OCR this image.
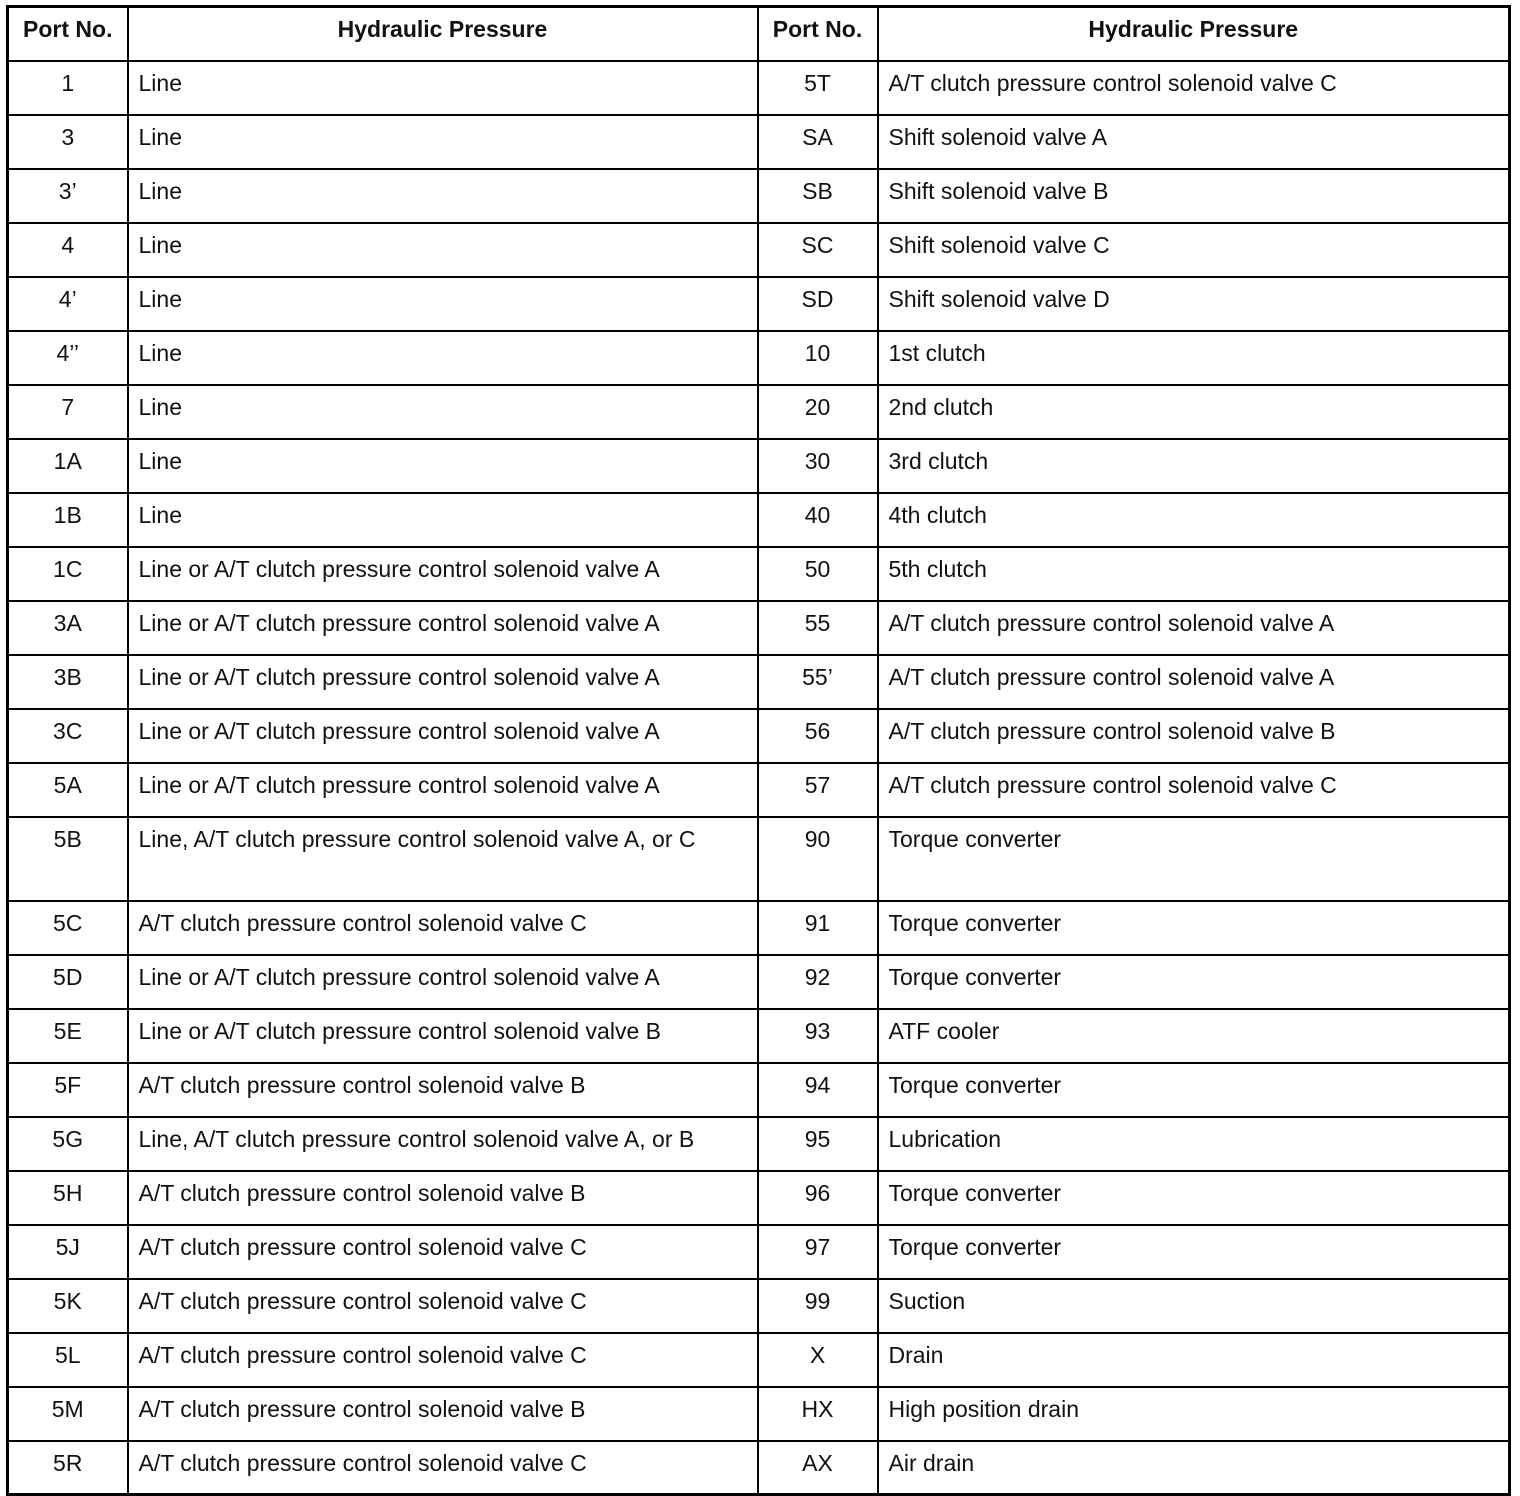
Port No.	Hydraulic Pressure	Port No.	Hydraulic Pressure
1	Line	5T	A/T clutch pressure control solenoid valve C
3	Line	SA	Shift solenoid valve A
3’	Line	SB	Shift solenoid valve B
4	Line	SC	Shift solenoid valve C
4’	Line	SD	Shift solenoid valve D
4’’	Line	10	1st clutch
7	Line	20	2nd clutch
1A	Line	30	3rd clutch
1B	Line	40	4th clutch
1C	Line or A/T clutch pressure control solenoid valve A	50	5th clutch
3A	Line or A/T clutch pressure control solenoid valve A	55	A/T clutch pressure control solenoid valve A
3B	Line or A/T clutch pressure control solenoid valve A	55’	A/T clutch pressure control solenoid valve A
3C	Line or A/T clutch pressure control solenoid valve A	56	A/T clutch pressure control solenoid valve B
5A	Line or A/T clutch pressure control solenoid valve A	57	A/T clutch pressure control solenoid valve C
5B	Line, A/T clutch pressure control solenoid valve A, or C	90	Torque converter
5C	A/T clutch pressure control solenoid valve C	91	Torque converter
5D	Line or A/T clutch pressure control solenoid valve A	92	Torque converter
5E	Line or A/T clutch pressure control solenoid valve B	93	ATF cooler
5F	A/T clutch pressure control solenoid valve B	94	Torque converter
5G	Line, A/T clutch pressure control solenoid valve A, or B	95	Lubrication
5H	A/T clutch pressure control solenoid valve B	96	Torque converter
5J	A/T clutch pressure control solenoid valve C	97	Torque converter
5K	A/T clutch pressure control solenoid valve C	99	Suction
5L	A/T clutch pressure control solenoid valve C	X	Drain
5M	A/T clutch pressure control solenoid valve B	HX	High position drain
5R	A/T clutch pressure control solenoid valve C	AX	Air drain
